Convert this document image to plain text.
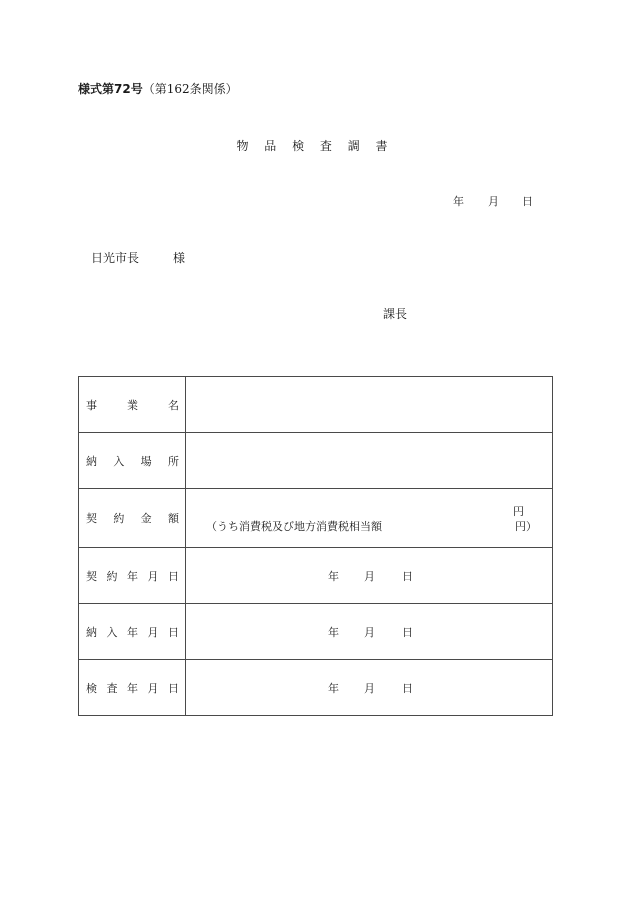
様式第72号（第162条関係）
物 品 検 査 調 書
年 月 日
日光市長	様
課長
事 業 名	

納 入 場 所	

契 約 金 額	円
（うち消費税及び地方消費税相当額 円）

契 約 年 月 日	年 月 日

納 入 年 月 日	年 月 日

検 査 年 月 日	年 月 日
